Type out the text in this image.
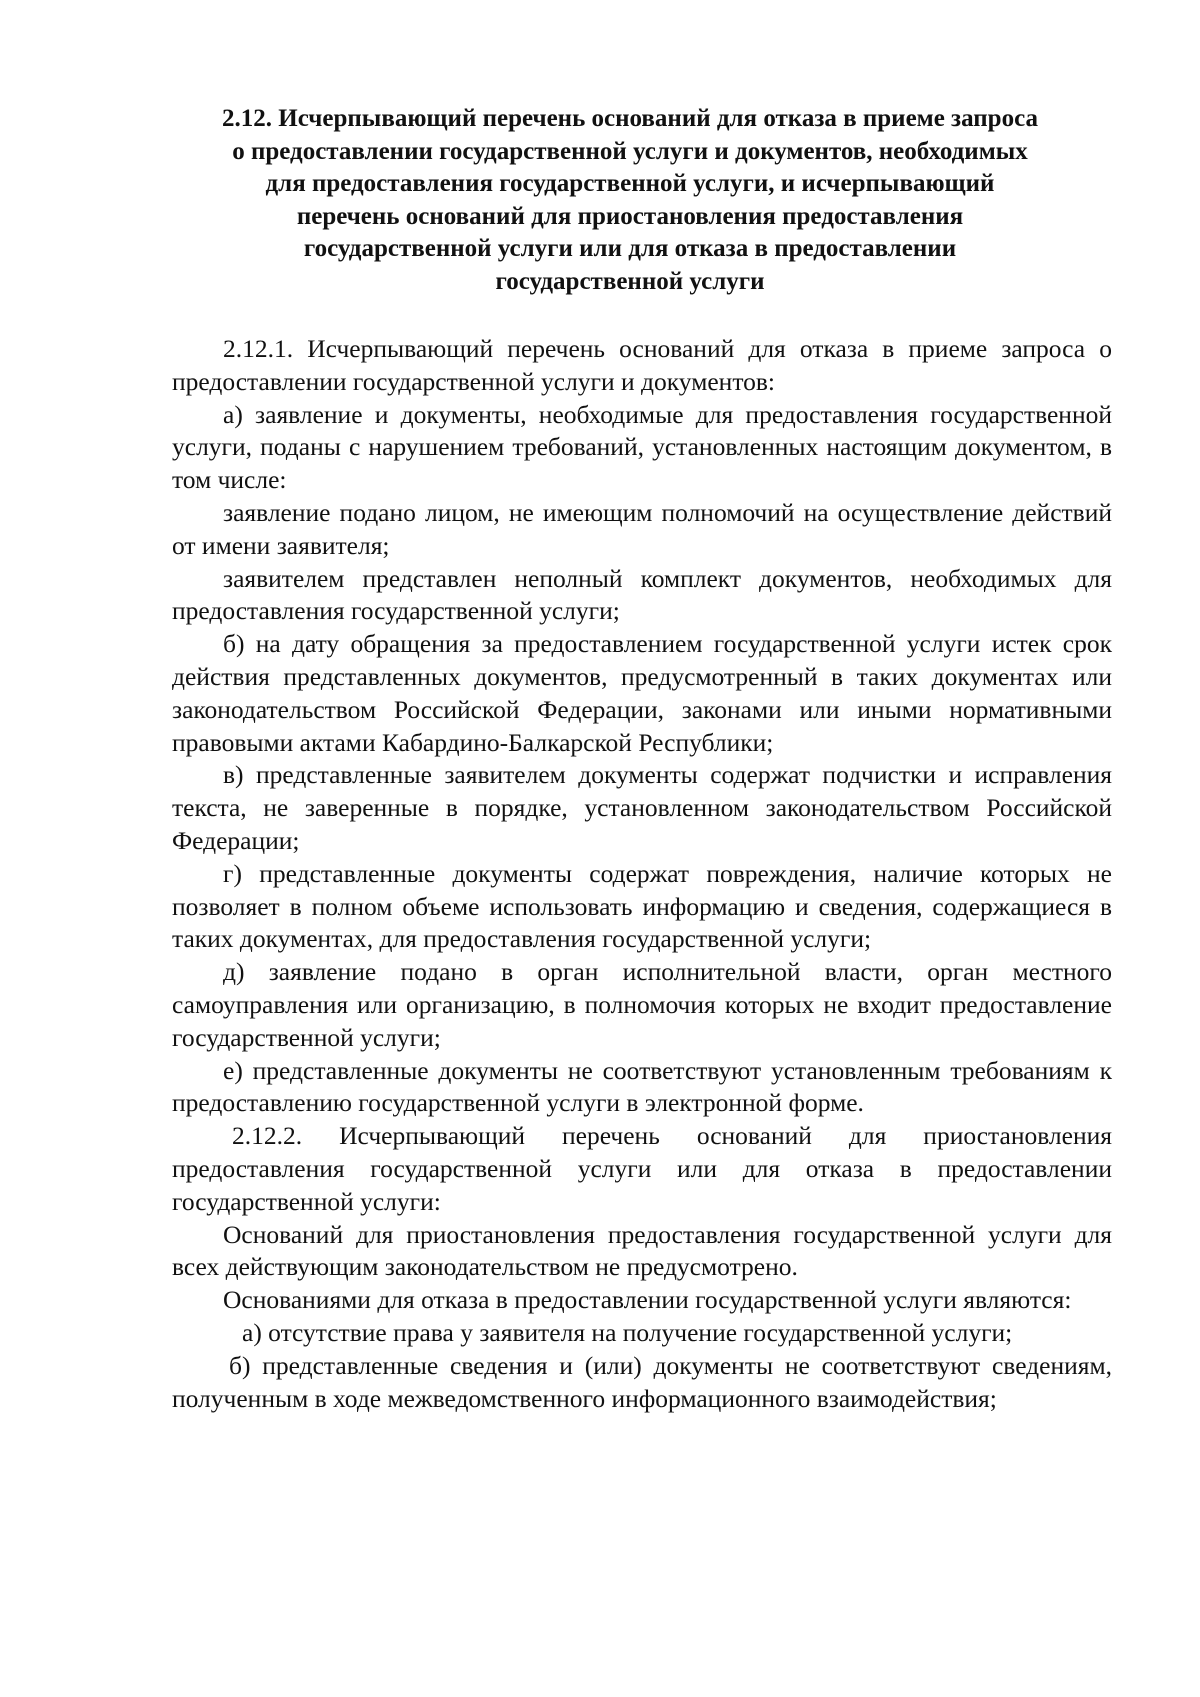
2.12. Исчерпывающий перечень оснований для отказа в приеме запроса
о предоставлении государственной услуги и документов, необходимых
для предоставления государственной услуги, и исчерпывающий
перечень оснований для приостановления предоставления
государственной услуги или для отказа в предоставлении
государственной услуги

2.12.1. Исчерпывающий перечень оснований для отказа в приеме запроса о предоставлении государственной услуги и документов:

а) заявление и документы, необходимые для предоставления государственной услуги, поданы с нарушением требований, установленных настоящим документом, в том числе:

заявление подано лицом, не имеющим полномочий на осуществление действий от имени заявителя;

заявителем представлен неполный комплект документов, необходимых для предоставления государственной услуги;

б) на дату обращения за предоставлением государственной услуги истек срок действия представленных документов, предусмотренный в таких документах или законодательством Российской Федерации, законами или иными нормативными правовыми актами Кабардино-Балкарской Республики;

в) представленные заявителем документы содержат подчистки и исправления текста, не заверенные в порядке, установленном законодательством Российской Федерации;

г) представленные документы содержат повреждения, наличие которых не позволяет в полном объеме использовать информацию и сведения, содержащиеся в таких документах, для предоставления государственной услуги;

д) заявление подано в орган исполнительной власти, орган местного самоуправления или организацию, в полномочия которых не входит предоставление государственной услуги;

е) представленные документы не соответствуют установленным требованиям к предоставлению государственной услуги в электронной форме.

2.12.2. Исчерпывающий перечень оснований для приостановления предоставления государственной услуги или для отказа в предоставлении государственной услуги:

Оснований для приостановления предоставления государственной услуги для всех действующим законодательством не предусмотрено.

Основаниями для отказа в предоставлении государственной услуги являются:

а) отсутствие права у заявителя на получение государственной услуги;

б) представленные сведения и (или) документы не соответствуют сведениям, полученным в ходе межведомственного информационного взаимодействия;
